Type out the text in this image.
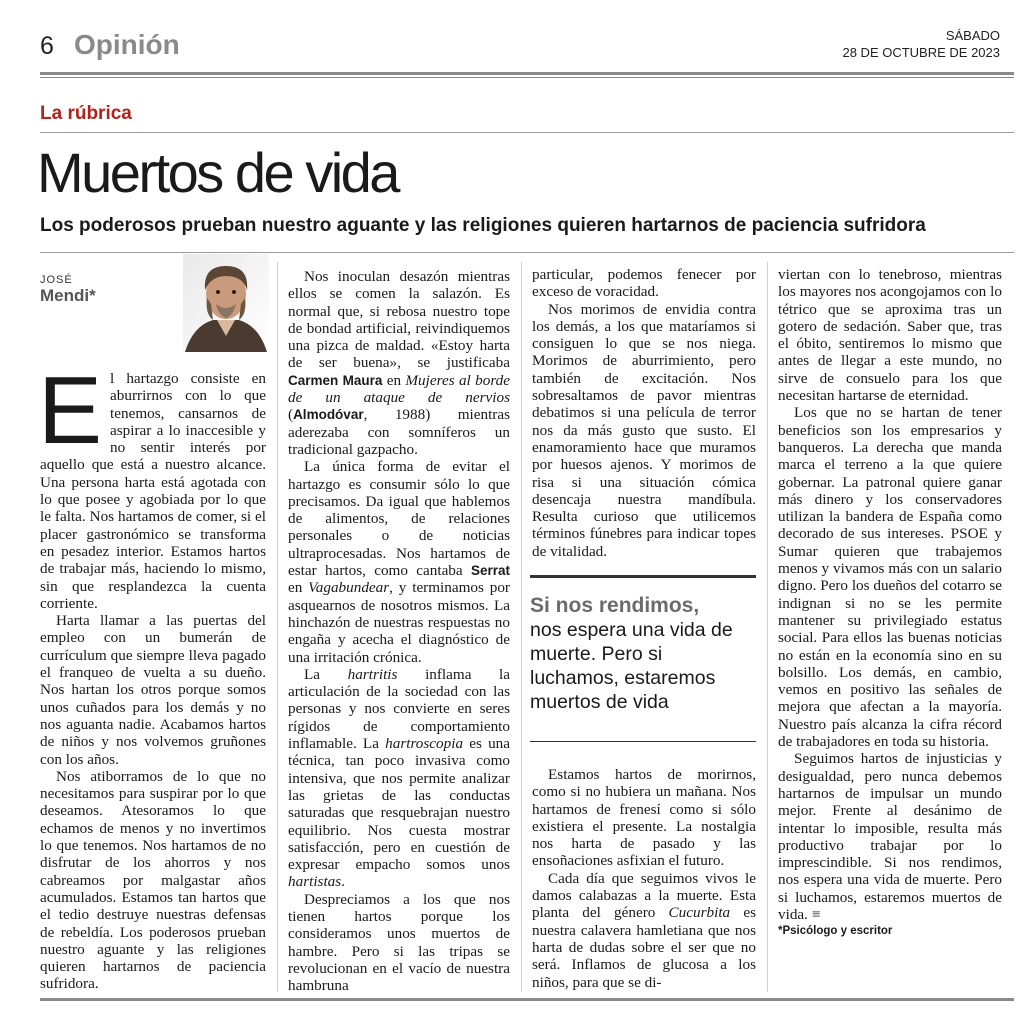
6 Opinión	SÁBADO
28 DE OCTUBRE DE 2023
La rúbrica
Muertos de vida
Los poderosos prueban nuestro aguante y las religiones quieren hartarnos de paciencia sufridora
JOSÉ
Mendi*

El hartazgo consiste en aburrirnos con lo que tenemos, cansarnos de aspirar a lo inaccesible y no sentir interés por aquello que está a nuestro alcance. Una persona harta está agotada con lo que posee y agobiada por lo que le falta. Nos hartamos de comer, si el placer gastronómico se transforma en pesadez interior. Estamos hartos de trabajar más, haciendo lo mismo, sin que resplandezca la cuenta corriente.

Harta llamar a las puertas del empleo con un bumerán de currículum que siempre lleva pagado el franqueo de vuelta a su dueño. Nos hartan los otros porque somos unos cuñados para los demás y no nos aguanta nadie. Acabamos hartos de niños y nos volvemos gruñones con los años.

Nos atiborramos de lo que no necesitamos para suspirar por lo que deseamos. Atesoramos lo que echamos de menos y no invertimos lo que tenemos. Nos hartamos de no disfrutar de los ahorros y nos cabreamos por malgastar años acumulados. Estamos tan hartos que el tedio destruye nuestras defensas de rebeldía. Los poderosos prueban nuestro aguante y las religiones quieren hartarnos de paciencia sufridora.

Nos inoculan desazón mientras ellos se comen la salazón. Es normal que, si rebosa nuestro tope de bondad artificial, reivindiquemos una pizca de maldad. «Estoy harta de ser buena», se justificaba Carmen Maura en Mujeres al borde de un ataque de nervios (Almodóvar, 1988) mientras aderezaba con somníferos un tradicional gazpacho.

La única forma de evitar el hartazgo es consumir sólo lo que precisamos. Da igual que hablemos de alimentos, de relaciones personales o de noticias ultraprocesadas. Nos hartamos de estar hartos, como cantaba Serrat en Vagabundear, y terminamos por asquearnos de nosotros mismos. La hinchazón de nuestras respuestas no engaña y acecha el diagnóstico de una irritación crónica.

La hartritis inflama la articulación de la sociedad con las personas y nos convierte en seres rígidos de comportamiento inflamable. La hartroscopia es una técnica, tan poco invasiva como intensiva, que nos permite analizar las grietas de las conductas saturadas que resquebrajan nuestro equilibrio. Nos cuesta mostrar satisfacción, pero en cuestión de expresar empacho somos unos hartistas.

Despreciamos a los que nos tienen hartos porque los consideramos unos muertos de hambre. Pero si las tripas se revolucionan en el vacío de nuestra hambruna

particular, podemos fenecer por exceso de voracidad.

Nos morimos de envidia contra los demás, a los que mataríamos si consiguen lo que se nos niega. Morimos de aburrimiento, pero también de excitación. Nos sobresaltamos de pavor mientras debatimos si una película de terror nos da más gusto que susto. El enamoramiento hace que muramos por huesos ajenos. Y morimos de risa si una situación cómica desencaja nuestra mandíbula. Resulta curioso que utilicemos términos fúnebres para indicar topes de vitalidad.

Si nos rendimos,
nos espera una vida de muerte. Pero si luchamos, estaremos muertos de vida

Estamos hartos de morirnos, como si no hubiera un mañana. Nos hartamos de frenesí como si sólo existiera el presente. La nostalgia nos harta de pasado y las ensoñaciones asfixian el futuro.

Cada día que seguimos vivos le damos calabazas a la muerte. Esta planta del género Cucurbita es nuestra calavera hamletiana que nos harta de dudas sobre el ser que no será. Inflamos de glucosa a los niños, para que se di-

viertan con lo tenebroso, mientras los mayores nos acongojamos con lo tétrico que se aproxima tras un gotero de sedación. Saber que, tras el óbito, sentiremos lo mismo que antes de llegar a este mundo, no sirve de consuelo para los que necesitan hartarse de eternidad.

Los que no se hartan de tener beneficios son los empresarios y banqueros. La derecha que manda marca el terreno a la que quiere gobernar. La patronal quiere ganar más dinero y los conservadores utilizan la bandera de España como decorado de sus intereses. PSOE y Sumar quieren que trabajemos menos y vivamos más con un salario digno. Pero los dueños del cotarro se indignan si no se les permite mantener su privilegiado estatus social. Para ellos las buenas noticias no están en la economía sino en su bolsillo. Los demás, en cambio, vemos en positivo las señales de mejora que afectan a la mayoría. Nuestro país alcanza la cifra récord de trabajadores en toda su historia.

Seguimos hartos de injusticias y desigualdad, pero nunca debemos hartarnos de impulsar un mundo mejor. Frente al desánimo de intentar lo imposible, resulta más productivo trabajar por lo imprescindible. Si nos rendimos, nos espera una vida de muerte. Pero si luchamos, estaremos muertos de vida. ≡

*Psicólogo y escritor
